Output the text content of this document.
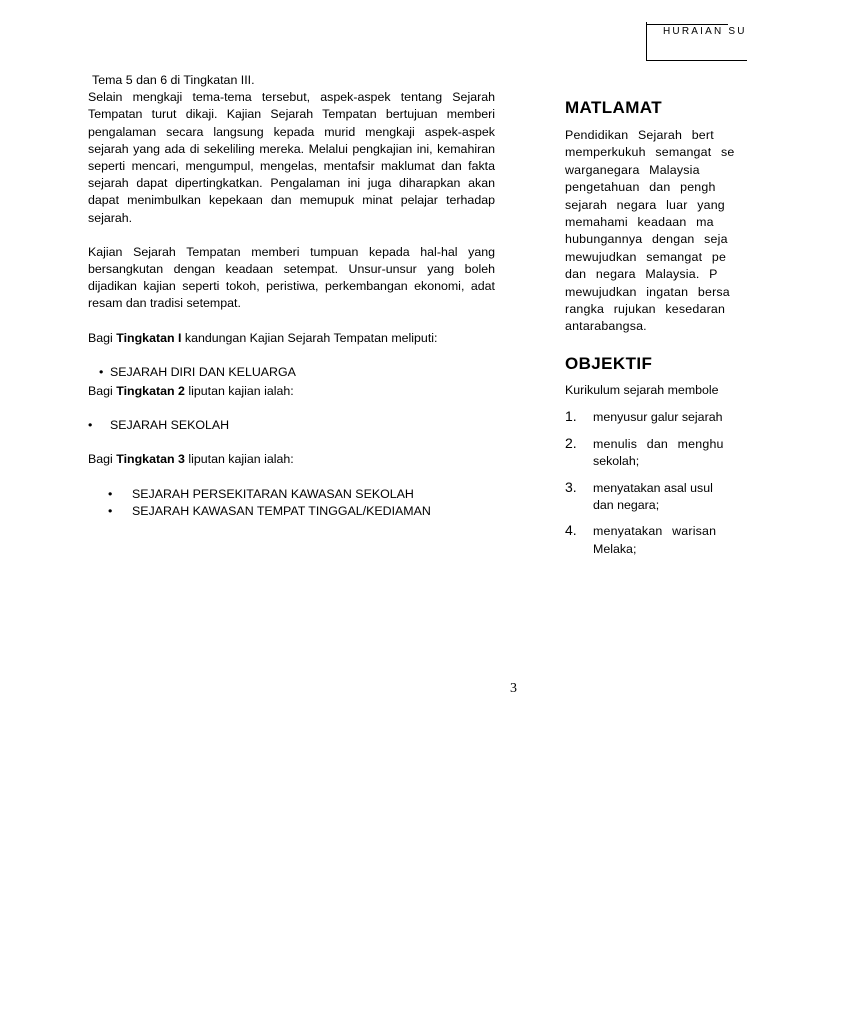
HURAIAN SU

Tema 5 dan 6 di Tingkatan III.
Selain mengkaji tema-tema tersebut, aspek-aspek tentang Sejarah Tempatan turut dikaji. Kajian Sejarah Tempatan bertujuan memberi pengalaman secara langsung kepada murid mengkaji aspek-aspek sejarah yang ada di sekeliling mereka. Melalui pengkajian ini, kemahiran seperti mencari, mengumpul, mengelas, mentafsir maklumat dan fakta sejarah dapat dipertingkatkan. Pengalaman ini juga diharapkan akan dapat menimbulkan kepekaan dan memupuk minat pelajar terhadap sejarah.

Kajian Sejarah Tempatan memberi tumpuan kepada hal-hal yang bersangkutan dengan keadaan setempat. Unsur-unsur yang boleh dijadikan kajian seperti tokoh, peristiwa, perkembangan ekonomi, adat resam dan tradisi setempat.

Bagi Tingkatan I kandungan Kajian Sejarah Tempatan meliputi:
• SEJARAH DIRI DAN KELUARGA
Bagi Tingkatan 2 liputan kajian ialah:
• SEJARAH SEKOLAH
Bagi Tingkatan 3 liputan kajian ialah:
• SEJARAH PERSEKITARAN KAWASAN SEKOLAH
• SEJARAH KAWASAN TEMPAT TINGGAL/KEDIAMAN
3
MATLAMAT
Pendidikan Sejarah bert
memperkukuh semangat se
warganegara Malaysia
pengetahuan dan pengh
sejarah negara luar yang
memahami keadaan ma
hubungannya dengan seja
mewujudkan semangat pe
dan negara Malaysia. P
mewujudkan ingatan bersa
rangka rujukan kesedaran
antarabangsa.
OBJEKTIF
Kurikulum sejarah membole
1. menyusur galur sejarah
2. menulis dan menghu
sekolah;
3. menyatakan asal usul
dan negara;
4. menyatakan warisan
Melaka;
